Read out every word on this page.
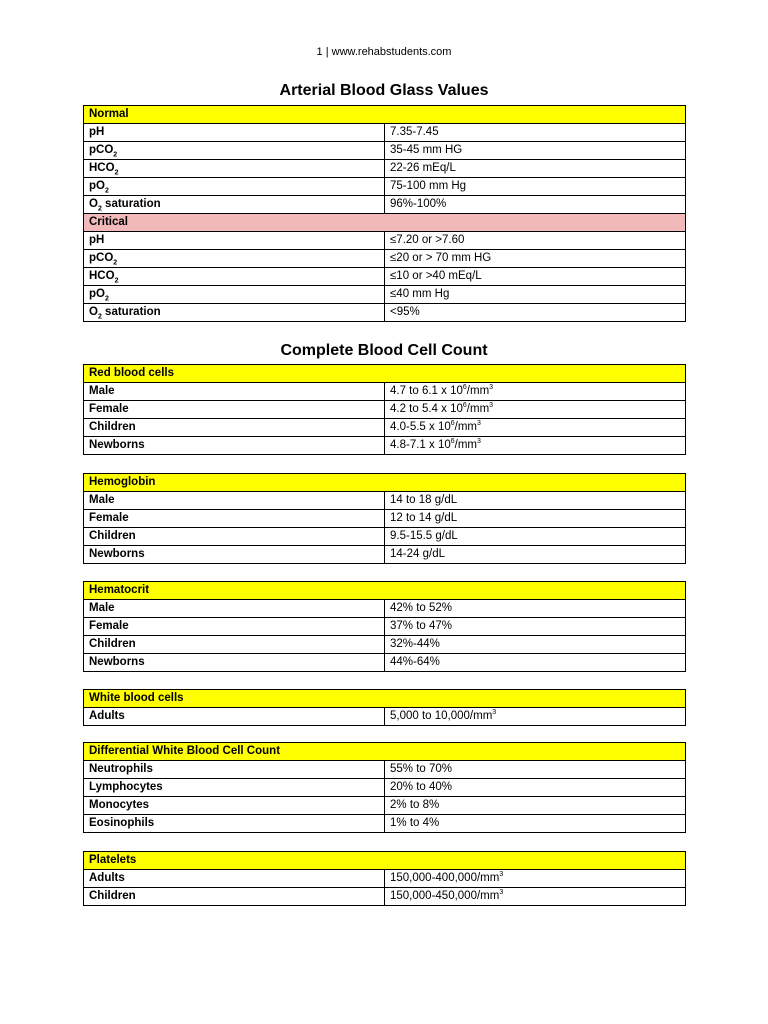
1 | www.rehabstudents.com
Arterial Blood Glass Values
Normal	
pH	7.35-7.45
pCO$_2$	35-45 mm HG
$HCO_2$	22-26 mEq/L
$pO_2$	75-100 mm Hg
$O_2$ saturation	96%-100%
Critical	
pH	≤7.20 or >7.60
pCO$_2$	≤20 or > 70 mm HG
$HCO_2$	≤10 or >40 mEq/L
$pO_2$	≤40 mm Hg
$O_2$ saturation	<95%
Complete Blood Cell Count
Red blood cells	
Male	4.7 to 6.1 x $10^6/mm^3$
Female	4.2 to 5.4 x $10^6/mm^3$
Children	4.0-5.5 x $10^6/mm^3$
Newborns	4.8-7.1 x $10^6/mm^3$
Hemoglobin	
Male	14 to 18 g/dL
Female	12 to 14 g/dL
Children	9.5-15.5 g/dL
Newborns	14-24 g/dL
Hematocrit	
Male	42% to 52%
Female	37% to 47%
Children	32%-44%
Newborns	44%-64%
White blood cells
Adults	5,000 to $10,000/mm^3$
Differential White Blood Cell Count	
Neutrophils	55% to 70%
Lymphocytes	20% to 40%
Monocytes	2% to 8%
Eosinophils	1% to 4%
Platelets	
Adults	$150,000-400,000/mm^3$
Children	$150,000-450,000/mm^3$
